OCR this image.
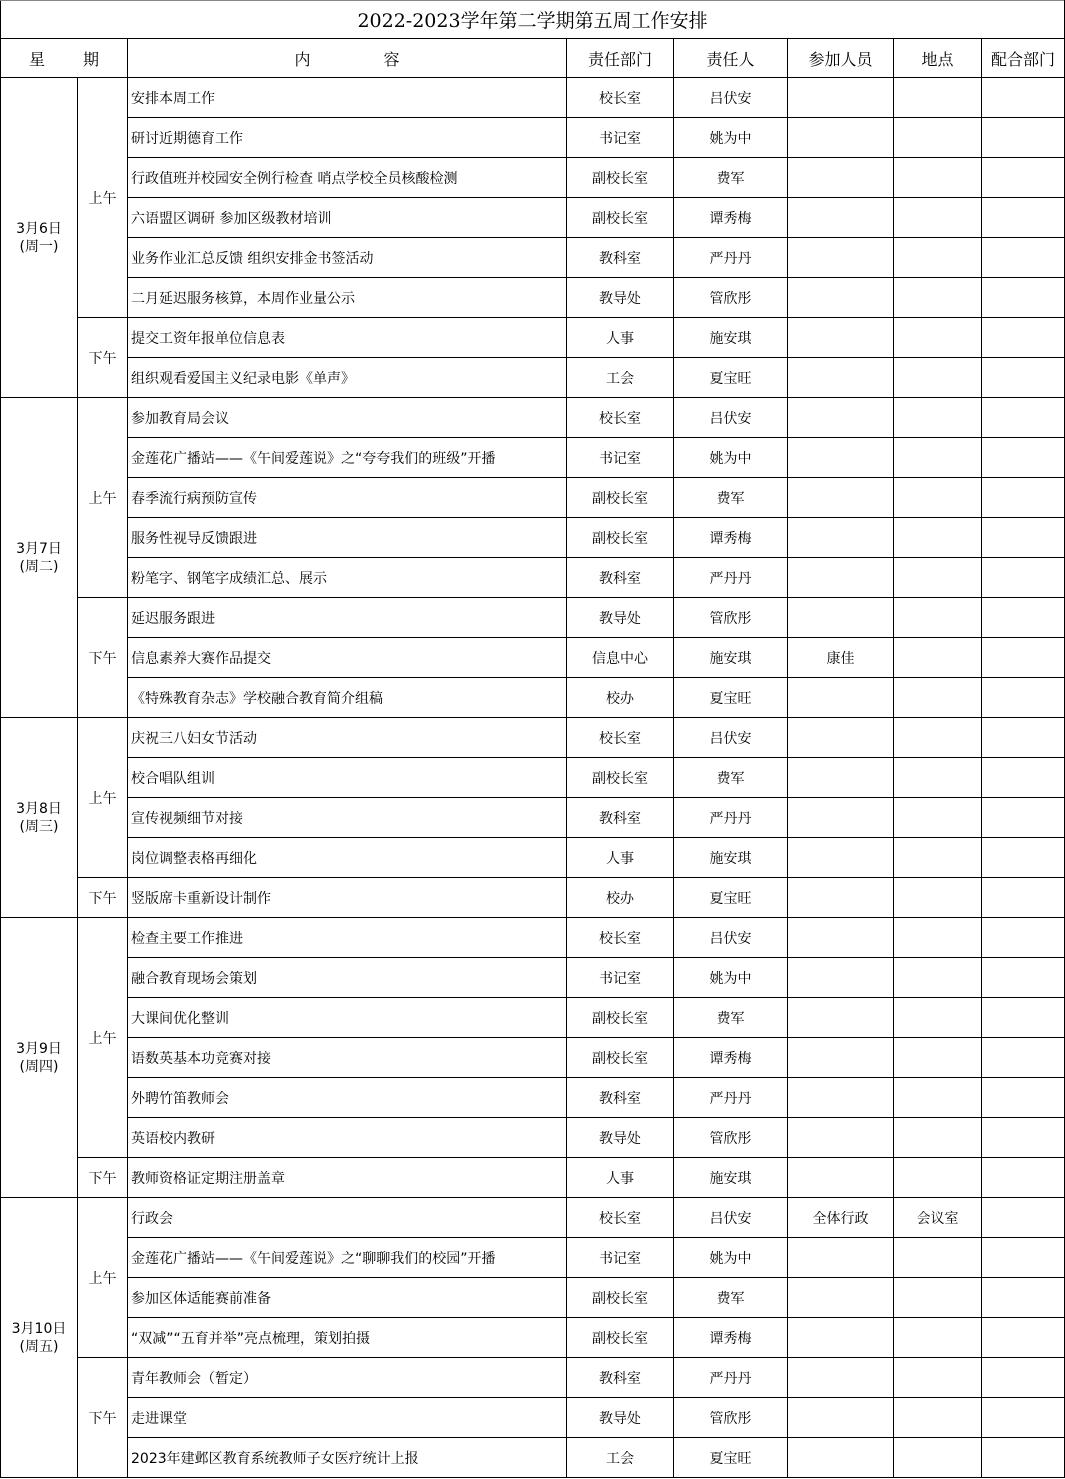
2022-2023学年第二学期第五周工作安排							

星 期		内 容	责任部门	责任人	参加人员	地点	配合部门

3月6日
(周一)	上午	安排本周工作	校长室	吕伏安			
		研讨近期德育工作	书记室	姚为中			
		行政值班并校园安全例行检查 哨点学校全员核酸检测	副校长室	费军			
		六语盟区调研 参加区级教材培训	副校长室	谭秀梅			
		业务作业汇总反馈 组织安排金书签活动	教科室	严丹丹			
		二月延迟服务核算，本周作业量公示	教导处	管欣彤			
	下午	提交工资年报单位信息表	人事	施安琪			
		组织观看爱国主义纪录电影《单声》	工会	夏宝旺			

3月7日
(周二)	上午	参加教育局会议	校长室	吕伏安			
		金莲花广播站——《午间爱莲说》之“夸夸我们的班级”开播	书记室	姚为中			
		春季流行病预防宣传	副校长室	费军			
		服务性视导反馈跟进	副校长室	谭秀梅			
		粉笔字、钢笔字成绩汇总、展示	教科室	严丹丹			
	下午	延迟服务跟进	教导处	管欣彤			
		信息素养大赛作品提交	信息中心	施安琪	康佳		
		《特殊教育杂志》学校融合教育简介组稿	校办	夏宝旺			

3月8日
(周三)	上午	庆祝三八妇女节活动	校长室	吕伏安			
		校合唱队组训	副校长室	费军			
		宣传视频细节对接	教科室	严丹丹			
		岗位调整表格再细化	人事	施安琪			
	下午	竖版席卡重新设计制作	校办	夏宝旺			

3月9日
(周四)	上午	检查主要工作推进	校长室	吕伏安			
		融合教育现场会策划	书记室	姚为中			
		大课间优化整训	副校长室	费军			
		语数英基本功竞赛对接	副校长室	谭秀梅			
		外聘竹笛教师会	教科室	严丹丹			
		英语校内教研	教导处	管欣彤			
	下午	教师资格证定期注册盖章	人事	施安琪			

3月10日
(周五)	上午	行政会	校长室	吕伏安	全体行政	会议室	
		金莲花广播站——《午间爱莲说》之“聊聊我们的校园”开播	书记室	姚为中			
		参加区体适能赛前准备	副校长室	费军			
		“双减”“五育并举”亮点梳理，策划拍摄	副校长室	谭秀梅			
	下午	青年教师会（暂定）	教科室	严丹丹			
		走进课堂	教导处	管欣彤			
		2023年建邺区教育系统教师子女医疗统计上报	工会	夏宝旺			
